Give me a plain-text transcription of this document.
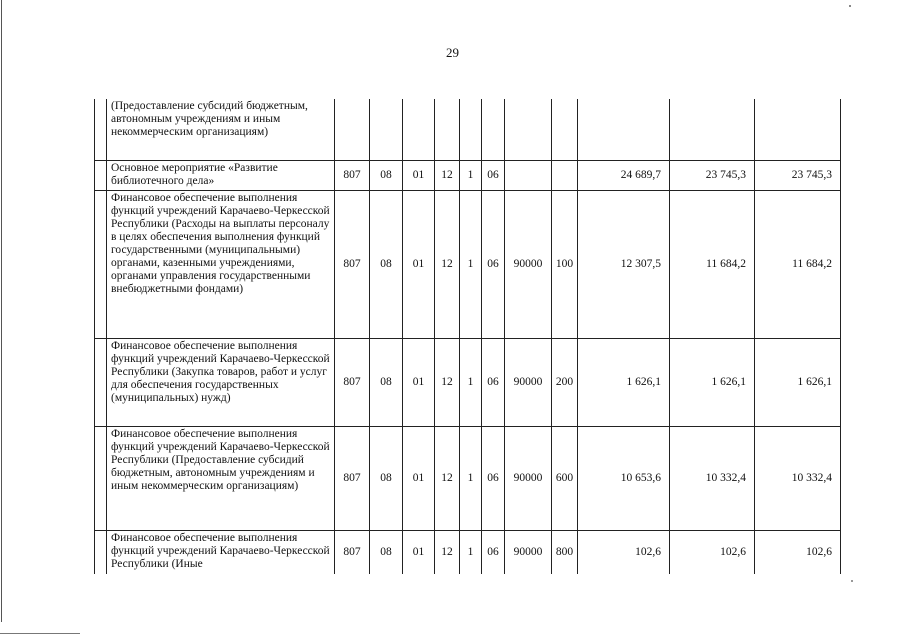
29
	(Предоставление субсидий бюджетным, автономным учреждениям и иным некоммерческим организациям)											
	Основное мероприятие «Развитие библиотечного дела»	807	08	01	12	1	06			24 689,7	23 745,3	23 745,3
	Финансовое обеспечение выполнения функций учреждений Карачаево-Черкесской Республики (Расходы на выплаты персоналу в целях обеспечения выполнения функций государственными (муниципальными) органами, казенными учреждениями, органами управления государственными внебюджетными фондами)	807	08	01	12	1	06	90000	100	12 307,5	11 684,2	11 684,2
	Финансовое обеспечение выполнения функций учреждений Карачаево-Черкесской Республики (Закупка товаров, работ и услуг для обеспечения государственных (муниципальных) нужд)	807	08	01	12	1	06	90000	200	1 626,1	1 626,1	1 626,1
	Финансовое обеспечение выполнения функций учреждений Карачаево-Черкесской Республики (Предоставление субсидий бюджетным, автономным учреждениям и иным некоммерческим организациям)	807	08	01	12	1	06	90000	600	10 653,6	10 332,4	10 332,4
	Финансовое обеспечение выполнения функций учреждений Карачаево-Черкесской Республики (Иные	807	08	01	12	1	06	90000	800	102,6	102,6	102,6
